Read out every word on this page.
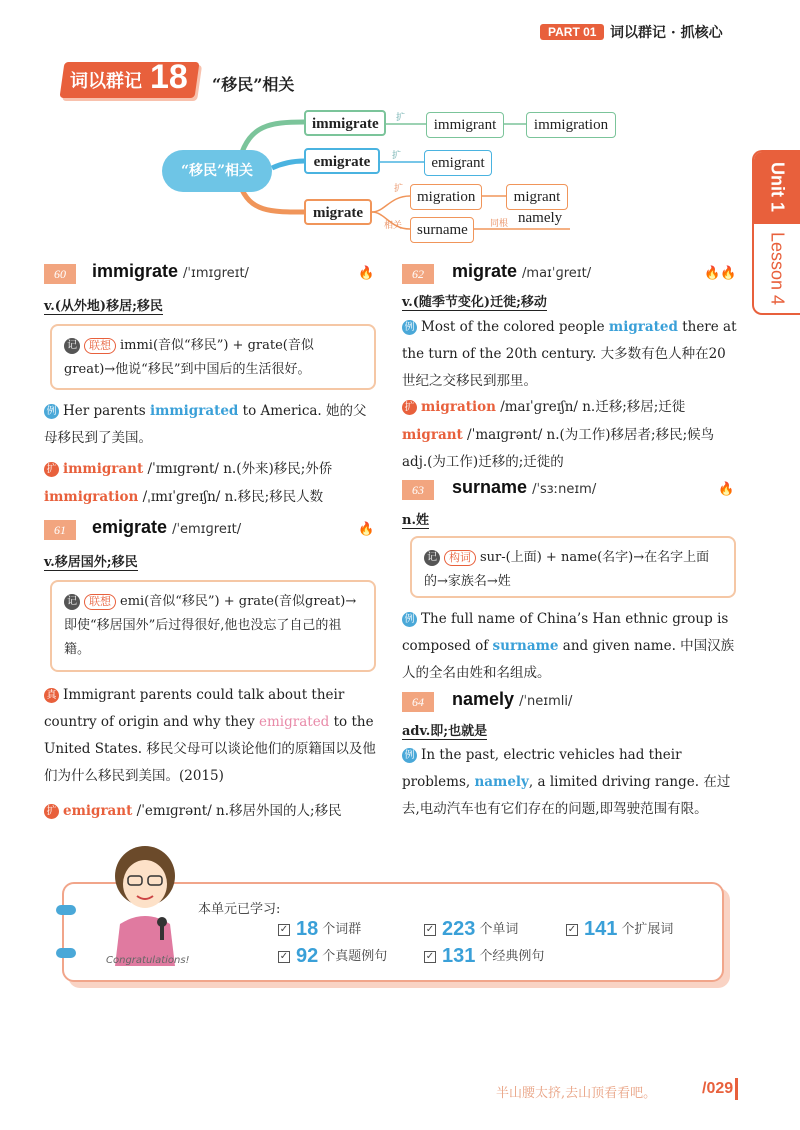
PART 01 词以群记 · 抓核心
Unit 1
Lesson 4
词以群记 18 “移民”相关
“移民”相关
immigrate	扩	immigrant	immigration
emigrate	扩	emigrant
migrate
扩 migration	migrant
相关 surname	同根 namely
60	immigrate /ˈɪmɪɡreɪt/	🔥
v.(从外地)移居;移民
记 联想 immi(音似“移民”) + grate(音似great)→他说“移民”到中国后的生活很好。
例 Her parents immigrated to America. 她的父母移民到了美国。
扩 immigrant /ˈɪmɪɡrənt/ n.(外来)移民;外侨
immigration /ˌɪmɪˈɡreɪʃn/ n.移民;移民人数
61	emigrate /ˈemɪɡreɪt/	🔥
v.移居国外;移民
记 联想 emi(音似“移民”) + grate(音似great)→即使“移居国外”后过得很好,他也没忘了自己的祖籍。
真 Immigrant parents could talk about their country of origin and why they emigrated to the United States. 移民父母可以谈论他们的原籍国以及他们为什么移民到美国。(2015)
扩 emigrant /ˈemɪɡrənt/ n.移居外国的人;移民
62	migrate /maɪˈɡreɪt/	🔥🔥
v.(随季节变化)迁徙;移动
例 Most of the colored people migrated there at the turn of the 20th century. 大多数有色人种在20世纪之交移民到那里。
扩 migration /maɪˈɡreɪʃn/ n.迁移;移居;迁徙
migrant /ˈmaɪɡrənt/ n.(为工作)移居者;移民;候鸟 adj.(为工作)迁移的;迁徙的
63	surname /ˈsɜːneɪm/	🔥
n.姓
记 构词 sur-(上面) + name(名字)→在名字上面的→家族名→姓
例 The full name of China’s Han ethnic group is composed of surname and given name. 中国汉族人的全名由姓和名组成。
64	namely /ˈneɪmli/
adv.即;也就是
例 In the past, electric vehicles had their problems, namely, a limited driving range. 在过去,电动汽车也有它们存在的问题,即驾驶范围有限。
Congratulations!
本单元已学习:
✓ 18 个词群	✓ 223 个单词	✓ 141 个扩展词
✓ 92 个真题例句	✓ 131 个经典例句
半山腰太挤,去山顶看看吧。	/029
